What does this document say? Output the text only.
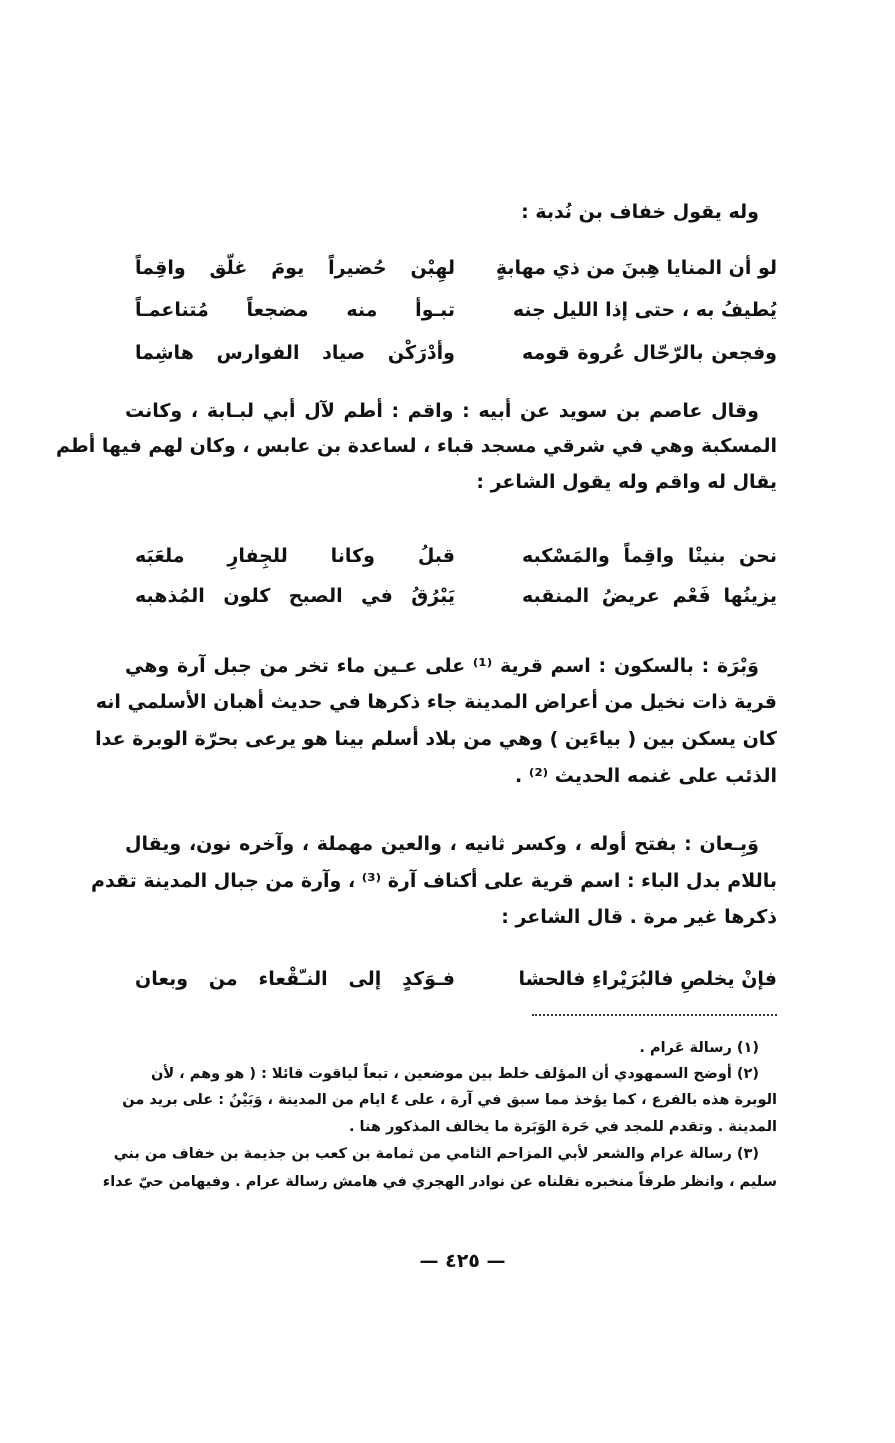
وله يقول خفاف بن نُدبة :
لو أن المنايا هِبنَ من ذي مهابةٍ
لهِبْن حُضيراً يومَ غلّق واقِماً
يُطيفُ به ، حتى إذا الليل جنه
تبـوأ منه مضجعاً مُتناعمـاً
وفجعن بالرّحّال عُروة قومه
وأدْرَكْن صياد الفوارس هاشِما
وقال عاصم بن سويد عن أبيه : واقم : أطم لآل أبي لبـابة ، وكانت
المسكبة وهي في شرقي مسجد قباء ، لساعدة بن عابس ، وكان لهم فيها أطم
يقال له واقم وله يقول الشاعر :
نحن بنينْا واقِماً والمَسْكبه
قبلُ وكانا للجِفارِ ملعَبَه
يزينُها فَعْم عريضُ المنقبه
يَبْرُقُ في الصبح كلون المُذهبه
وَبْرَة : بالسكون : اسم قرية ⁽¹⁾ على عـين ماء تخر من جبل آرة وهي
قرية ذات نخيل من أعراض المدينة جاء ذكرها في حديث أهبان الأسلمي انه
كان يسكن بين ( بياءَين ) وهي من بلاد أسلم بينا هو يرعى بحرّة الوبرة عدا
الذئب على غنمه الحديث ⁽²⁾ .
وَبِـعان : بفتح أوله ، وكسر ثانيه ، والعين مهملة ، وآخره نون، ويقال
باللام بدل الباء : اسم قرية على أكناف آرة ⁽³⁾ ، وآرة من جبال المدينة تقدم
ذكرها غير مرة . قال الشاعر :
فإنْ يخلصِ فالبُرَيْراءِ فالحشا
فـوَكدٍ إلى النـّقْعاء من وبعان
(١) رسالة عَرام .
(٢) أوضح السمهودي أن المؤلف خلط بين موضعين ، تبعاً لياقوت قائلا : ( هو وهم ، لأن
الوبرة هذه بالفرع ، كما يؤخذ مما سبق في آرة ، على ٤ ايام من المدينة ، وَبَيْنُ : على بريد من
المدينة . وتقدم للمجد في حَرة الوَبَرة ما يخالف المذكور هنا .
(٣) رسالة عرام والشعر لأبي المزاحم الثامي من ثمامة بن كعب بن جذيمة بن خفاف من بني
سليم ، وانظر طرفاً منخبره نقلناه عن نوادر الهجري في هامش رسالة عرام . وفيهامن حيّ عداء
— ٤٢٥ —
